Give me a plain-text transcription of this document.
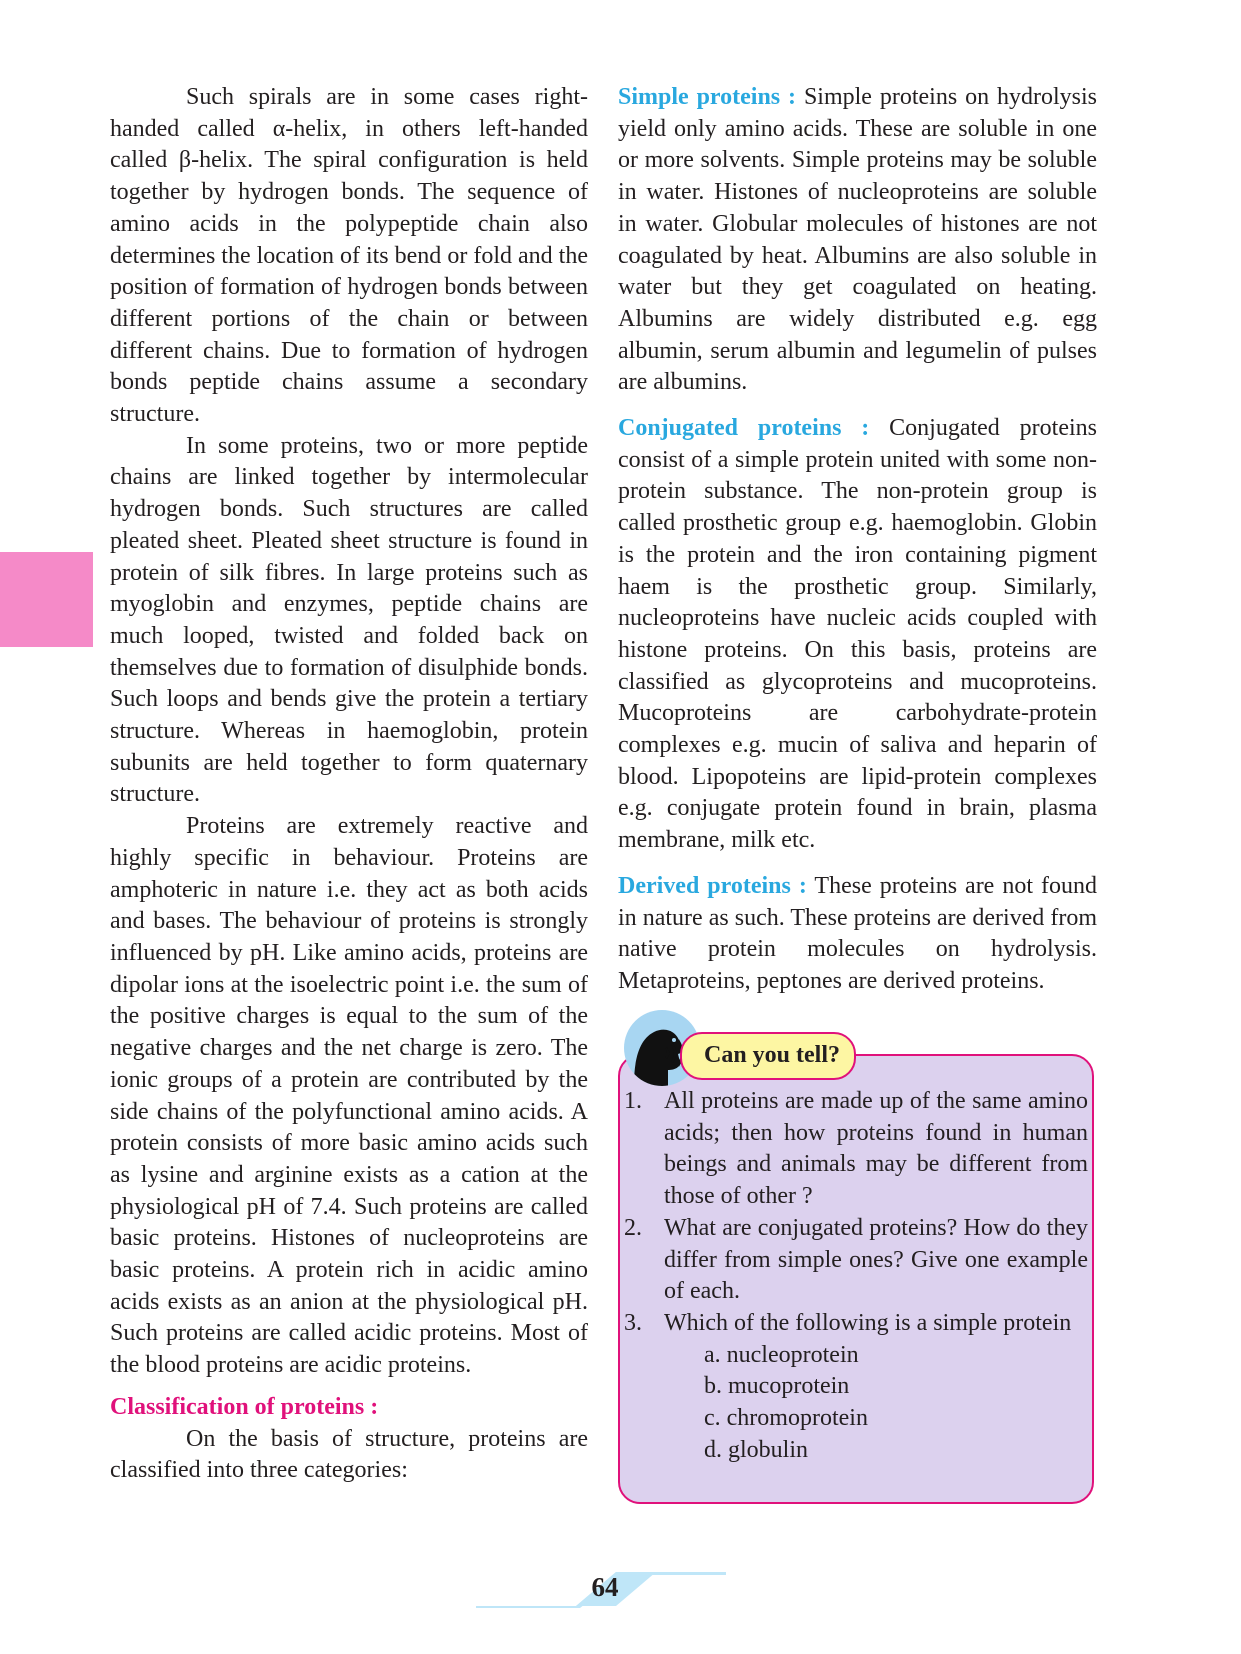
Such spirals are in some cases right-handed called α-helix, in others left-handed called β-helix. The spiral configuration is held together by hydrogen bonds. The sequence of amino acids in the polypeptide chain also determines the location of its bend or fold and the position of formation of hydrogen bonds between different portions of the chain or between different chains. Due to formation of hydrogen bonds peptide chains assume a secondary structure.

In some proteins, two or more peptide chains are linked together by intermolecular hydrogen bonds. Such structures are called pleated sheet. Pleated sheet structure is found in protein of silk fibres. In large proteins such as myoglobin and enzymes, peptide chains are much looped, twisted and folded back on themselves due to formation of disulphide bonds. Such loops and bends give the protein a tertiary structure. Whereas in haemoglobin, protein subunits are held together to form quaternary structure.

Proteins are extremely reactive and highly specific in behaviour. Proteins are amphoteric in nature i.e. they act as both acids and bases. The behaviour of proteins is strongly influenced by pH. Like amino acids, proteins are dipolar ions at the isoelectric point i.e. the sum of the positive charges is equal to the sum of the negative charges and the net charge is zero. The ionic groups of a protein are contributed by the side chains of the polyfunctional amino acids. A protein consists of more basic amino acids such as lysine and arginine exists as a cation at the physiological pH of 7.4. Such proteins are called basic proteins. Histones of nucleoproteins are basic proteins. A protein rich in acidic amino acids exists as an anion at the physiological pH. Such proteins are called acidic proteins. Most of the blood proteins are acidic proteins.

Classification of proteins :

On the basis of structure, proteins are classified into three categories:

Simple proteins : Simple proteins on hydrolysis yield only amino acids. These are soluble in one or more solvents. Simple proteins may be soluble in water. Histones of nucleoproteins are soluble in water. Globular molecules of histones are not coagulated by heat. Albumins are also soluble in water but they get coagulated on heating. Albumins are widely distributed e.g. egg albumin, serum albumin and legumelin of pulses are albumins.

Conjugated proteins : Conjugated proteins consist of a simple protein united with some non-protein substance. The non-protein group is called prosthetic group e.g. haemoglobin. Globin is the protein and the iron containing pigment haem is the prosthetic group. Similarly, nucleoproteins have nucleic acids coupled with histone proteins. On this basis, proteins are classified as glycoproteins and mucoproteins. Mucoproteins are carbohydrate-protein complexes e.g. mucin of saliva and heparin of blood. Lipopoteins are lipid-protein complexes e.g. conjugate protein found in brain, plasma membrane, milk etc.

Derived proteins : These proteins are not found in nature as such. These proteins are derived from native protein molecules on hydrolysis. Metaproteins, peptones are derived proteins.

Can you tell?
1. All proteins are made up of the same amino acids; then how proteins found in human beings and animals may be different from those of other ?
2. What are conjugated proteins? How do they differ from simple ones? Give one example of each.
3. Which of the following is a simple protein
a. nucleoprotein
b. mucoprotein
c. chromoprotein
d. globulin
64
